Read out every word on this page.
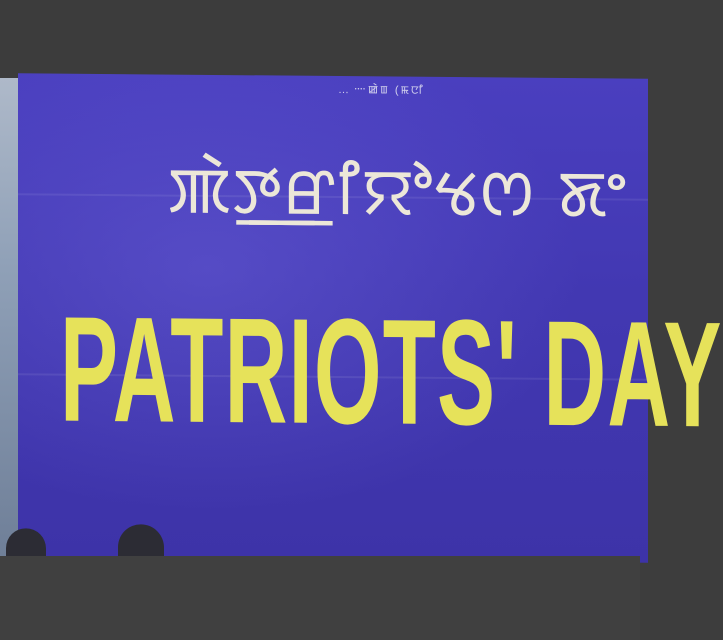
… ᠁ ꯀꯥꯡ (ꯃꯅꯤ
ꯄꯥꯇ꯭ꯔꯤꯌꯣꯠꯁ ꯗꯦ
PATRIOTS' DAY
